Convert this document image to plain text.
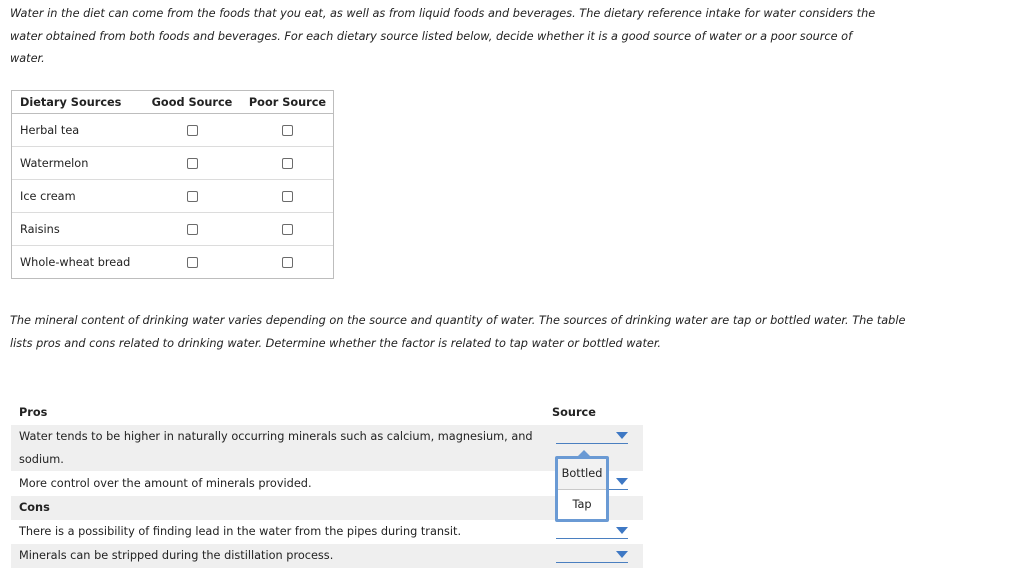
Water in the diet can come from the foods that you eat, as well as from liquid foods and beverages. The dietary reference intake for water considers the water obtained from both foods and beverages. For each dietary source listed below, decide whether it is a good source of water or a poor source of water.

Dietary Sources	Good Source	Poor Source
Herbal tea
Watermelon
Ice cream
Raisins
Whole-wheat bread

The mineral content of drinking water varies depending on the source and quantity of water. The sources of drinking water are tap or bottled water. The table lists pros and cons related to drinking water. Determine whether the factor is related to tap water or bottled water.

Pros	Source
Water tends to be higher in naturally occurring minerals such as calcium, magnesium, and sodium.
More control over the amount of minerals provided.
Cons
There is a possibility of finding lead in the water from the pipes during transit.
Minerals can be stripped during the distillation process.
Bottled
Tap
